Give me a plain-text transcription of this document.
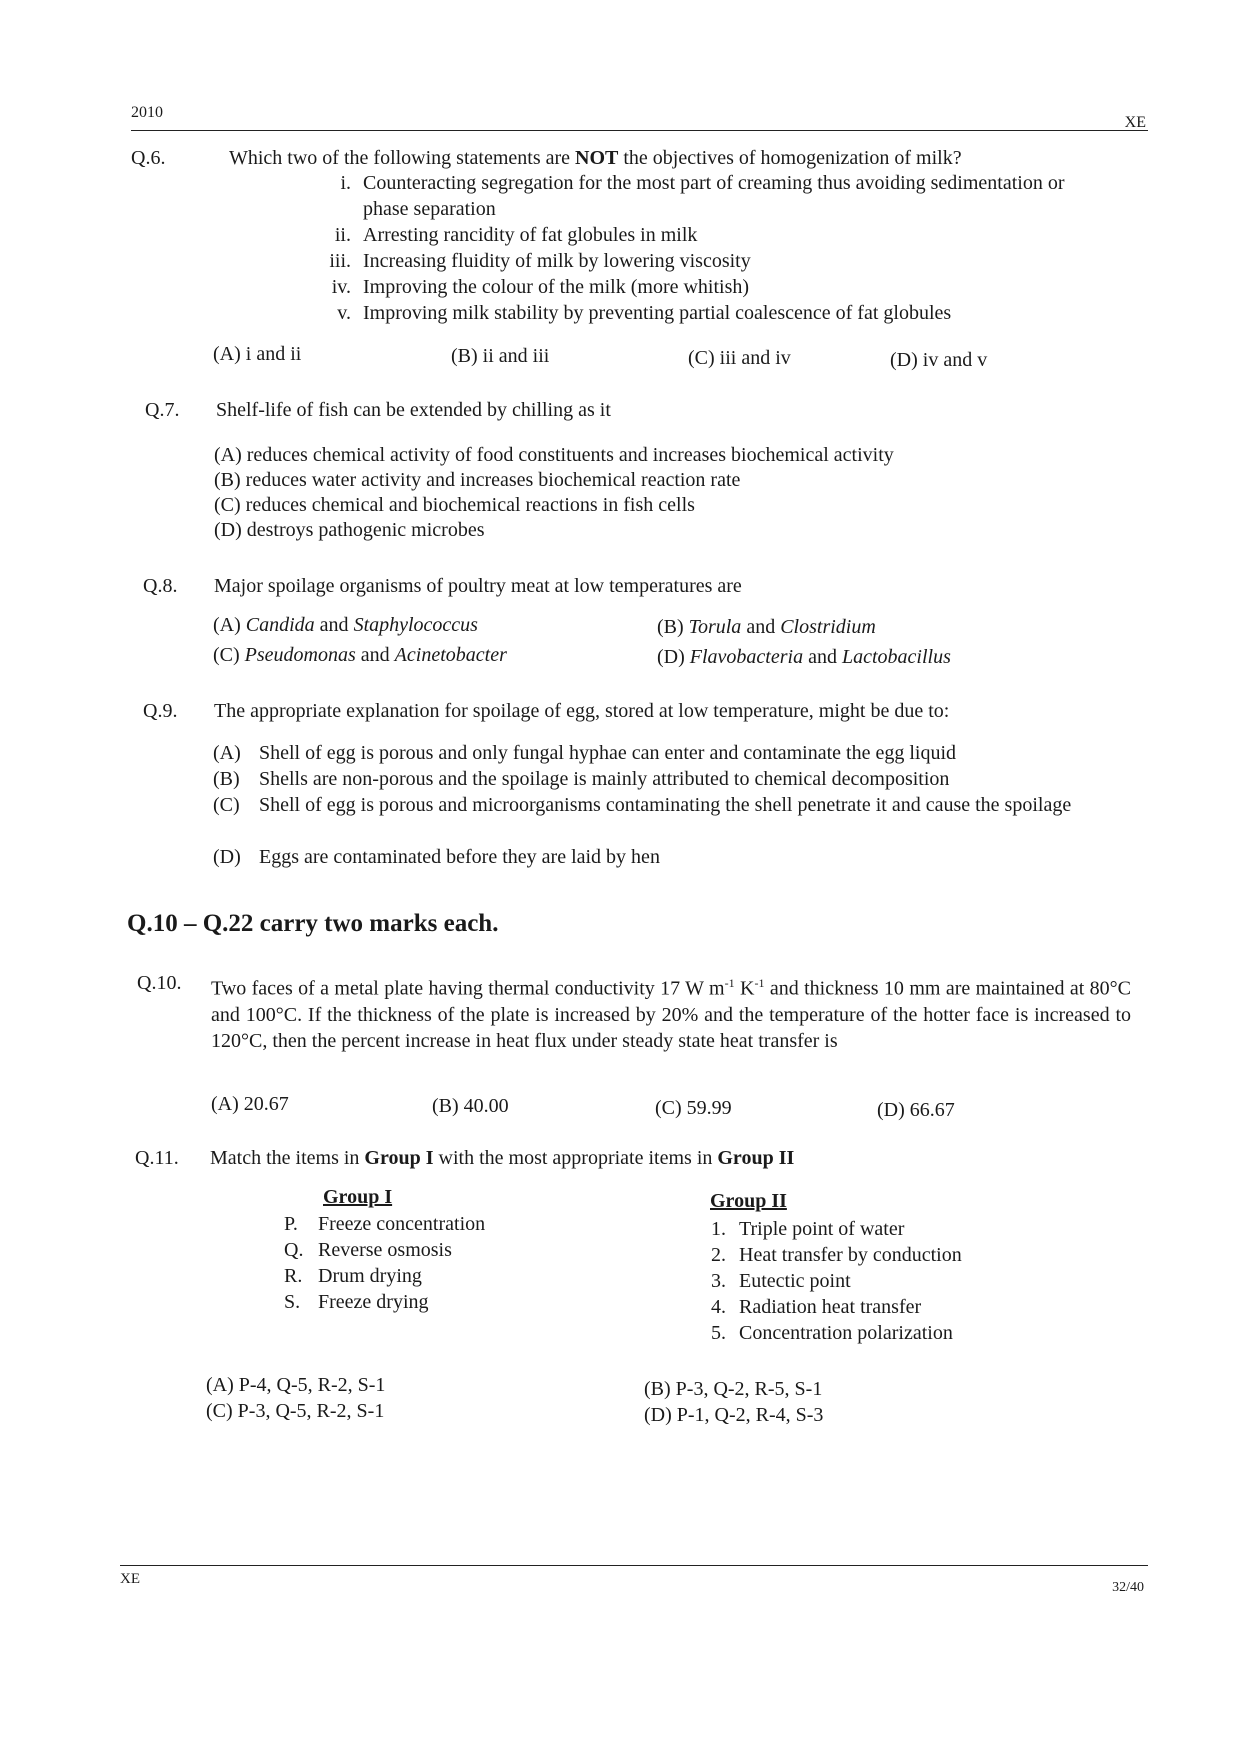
2010
XE
Q.6.	Which two of the following statements are NOT the objectives of homogenization of milk?
i. Counteracting segregation for the most part of creaming thus avoiding sedimentation or phase separation
ii. Arresting rancidity of fat globules in milk
iii. Increasing fluidity of milk by lowering viscosity
iv. Improving the colour of the milk (more whitish)
v. Improving milk stability by preventing partial coalescence of fat globules
(A) i and ii	(B) ii and iii	(C) iii and iv	(D) iv and v
Q.7.	Shelf-life of fish can be extended by chilling as it
(A) reduces chemical activity of food constituents and increases biochemical activity
(B) reduces water activity and increases biochemical reaction rate
(C) reduces chemical and biochemical reactions in fish cells
(D) destroys pathogenic microbes
Q.8.	Major spoilage organisms of poultry meat at low temperatures are
(A) Candida and Staphylococcus	(B) Torula and Clostridium
(C) Pseudomonas and Acinetobacter	(D) Flavobacteria and Lactobacillus
Q.9.	The appropriate explanation for spoilage of egg, stored at low temperature, might be due to:
(A) Shell of egg is porous and only fungal hyphae can enter and contaminate the egg liquid
(B) Shells are non-porous and the spoilage is mainly attributed to chemical decomposition
(C) Shell of egg is porous and microorganisms contaminating the shell penetrate it and cause the spoilage
(D) Eggs are contaminated before they are laid by hen
Q.10 – Q.22 carry two marks each.
Q.10. Two faces of a metal plate having thermal conductivity 17 W $m^{-1}$ $K^{-1}$ and thickness 10 mm are maintained at 80°C and 100°C. If the thickness of the plate is increased by 20% and the temperature of the hotter face is increased to 120°C, then the percent increase in heat flux under steady state heat transfer is
(A) 20.67	(B) 40.00	(C) 59.99	(D) 66.67
Q.11. Match the items in Group I with the most appropriate items in Group II
Group I	Group II
P. Freeze concentration
Q. Reverse osmosis
R. Drum drying
S. Freeze drying
1. Triple point of water
2. Heat transfer by conduction
3. Eutectic point
4. Radiation heat transfer
5. Concentration polarization
(A) P-4, Q-5, R-2, S-1	(B) P-3, Q-2, R-5, S-1
(C) P-3, Q-5, R-2, S-1	(D) P-1, Q-2, R-4, S-3
XE
32/40
